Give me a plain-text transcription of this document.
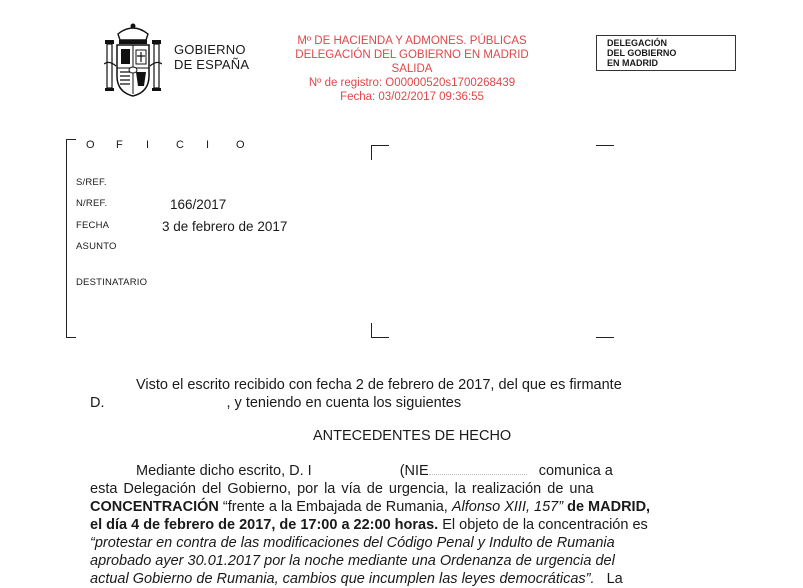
GOBIERNO
DE ESPAÑA
Mº DE HACIENDA Y ADMONES. PÚBLICAS
DELEGACIÓN DEL GOBIERNO EN MADRID
SALIDA
Nº de registro: O00000520s1700268439
Fecha: 03/02/2017 09:36:55
DELEGACIÓN
DEL GOBIERNO
EN MADRID
O F I C I O
S/REF.
N/REF.	166/2017
FECHA	3 de febrero de 2017
ASUNTO
DESTINATARIO
Visto el escrito recibido con fecha 2 de febrero de 2017, del que es firmante
D.	, y teniendo en cuenta los siguientes
ANTECEDENTES DE HECHO
Mediante dicho escrito, D. I	(NIE	comunica a
esta Delegación del Gobierno, por la vía de urgencia, la realización de una
CONCENTRACIÓN “frente a la Embajada de Rumania, Alfonso XIII, 157” de MADRID,
el día 4 de febrero de 2017, de 17:00 a 22:00 horas. El objeto de la concentración es
“protestar en contra de las modificaciones del Código Penal y Indulto de Rumania
aprobado ayer 30.01.2017 por la noche mediante una Ordenanza de urgencia del
actual Gobierno de Rumania, cambios que incumplen las leyes democráticas”. La
